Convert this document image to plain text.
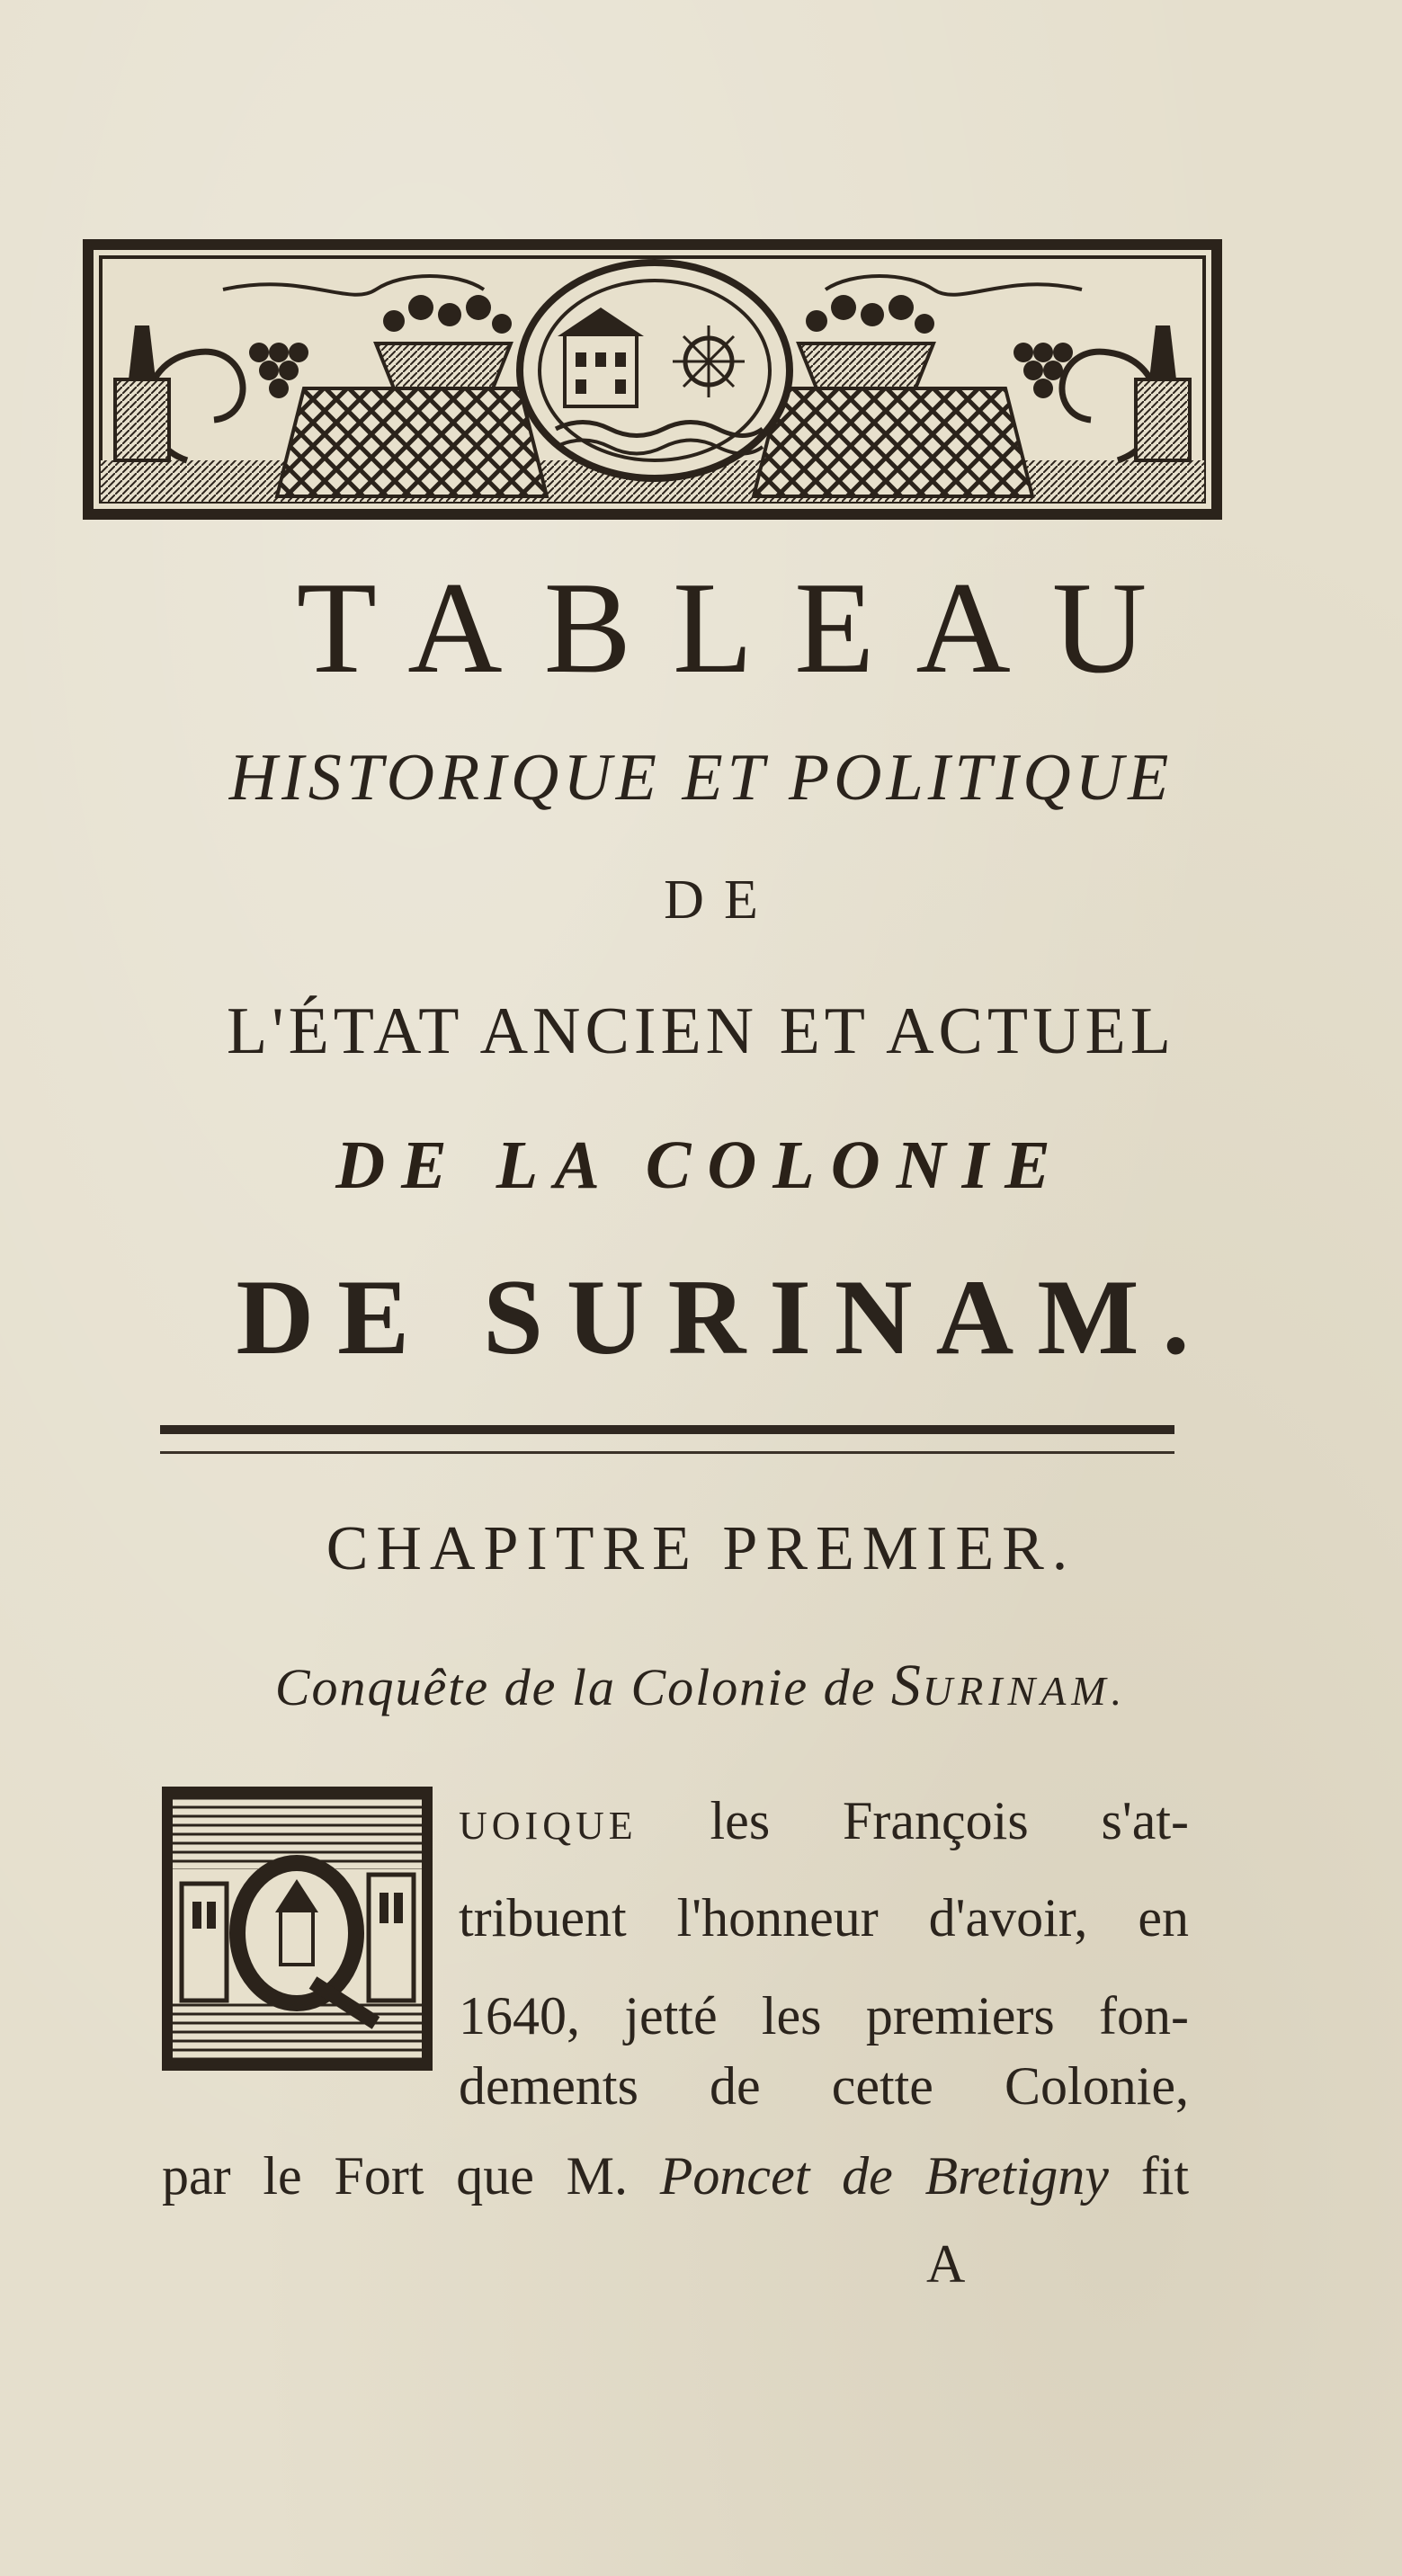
TABLEAU
HISTORIQUE ET POLITIQUE
DE
L'ÉTAT ANCIEN ET ACTUEL
DE LA COLONIE
DE SURINAM.
CHAPITRE PREMIER.
Conquête de la Colonie de SURINAM.
UOIQUE les François s'at-
tribuent l'honneur d'avoir, en
1640, jetté les premiers fon-
dements de cette Colonie,
par le Fort que M. Poncet de Bretigny fit
A
